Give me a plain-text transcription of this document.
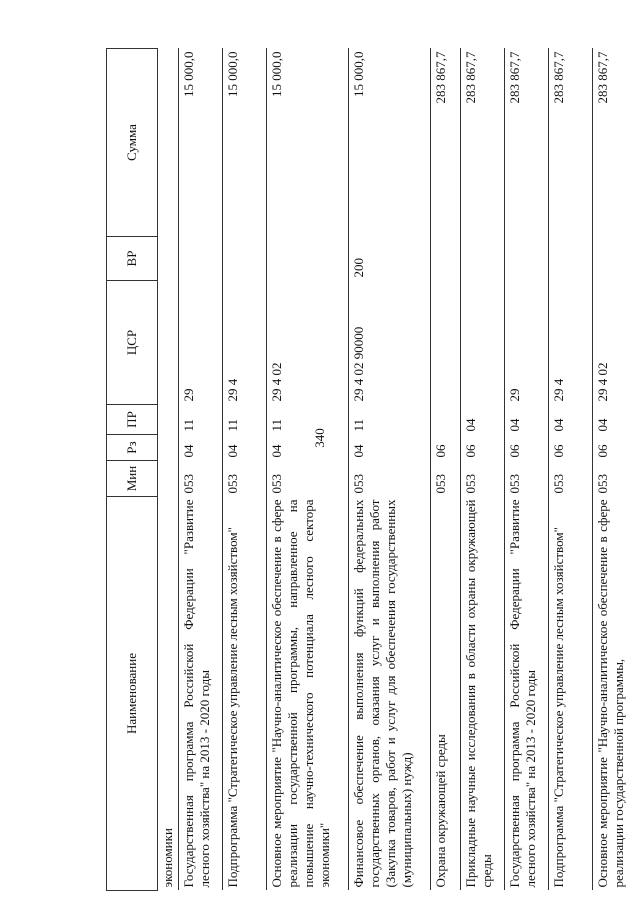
340
Наименование	Мин	Рз	ПР	ЦСР	ВР	Сумма
экономики						
Государственная программа Российской Федерации "Развитие лесного хозяйства" на 2013 - 2020 годы	053	04	11	29		15 000,0
Подпрограмма "Стратегическое управление лесным хозяйством"	053	04	11	29 4		15 000,0
Основное мероприятие "Научно-аналитическое обеспечение в сфере реализации государственной программы, направленное на повышение научно-технического потенциала лесного сектора экономики"	053	04	11	29 4 02		15 000,0
Финансовое обеспечение выполнения функций федеральных государственных органов, оказания услуг и выполнения работ (Закупка товаров, работ и услуг для обеспечения государственных (муниципальных) нужд)	053	04	11	29 4 02 90000	200	15 000,0
Охрана окружающей среды	053	06				283 867,7
Прикладные научные исследования в области охраны окружающей среды	053	06	04			283 867,7
Государственная программа Российской Федерации "Развитие лесного хозяйства" на 2013 - 2020 годы	053	06	04	29		283 867,7
Подпрограмма "Стратегическое управление лесным хозяйством"	053	06	04	29 4		283 867,7
Основное мероприятие "Научно-аналитическое обеспечение в сфере реализации государственной программы,	053	06	04	29 4 02		283 867,7
